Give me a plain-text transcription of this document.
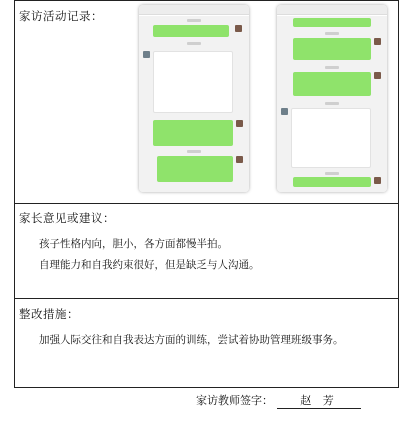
家访活动记录：
家长意见或建议：
孩子性格内向，胆小，各方面都慢半拍。
自理能力和自我约束很好，但是缺乏与人沟通。
整改措施：
加强人际交往和自我表达方面的训练，尝试着协助管理班级事务。
家访教师签字： 赵 芳
